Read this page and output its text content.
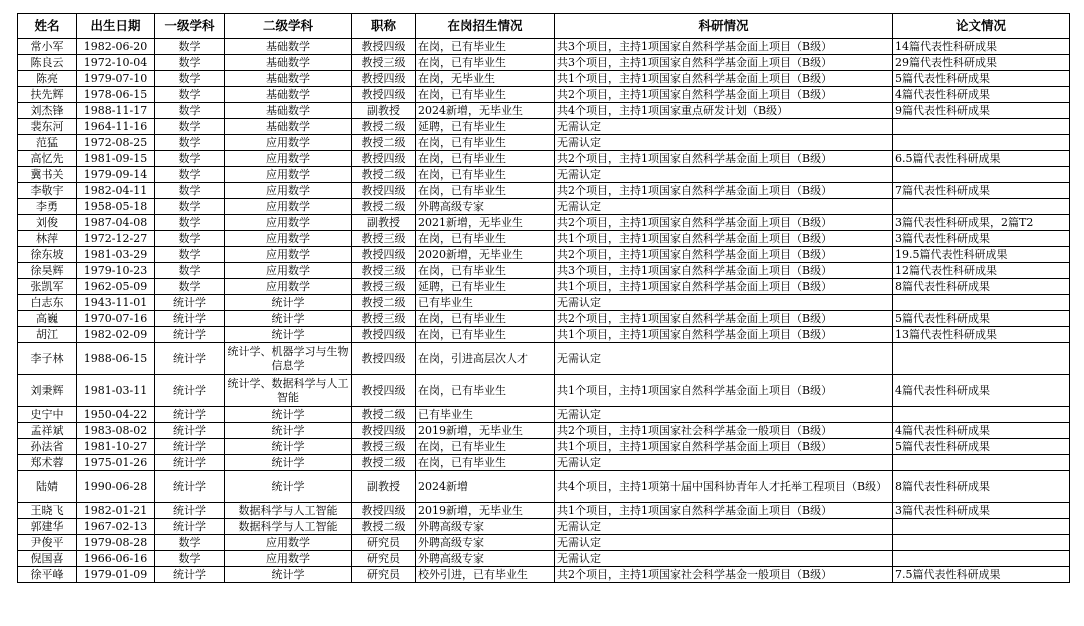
姓名	出生日期	一级学科	二级学科	职称	在岗招生情况	科研情况	论文情况
常小军	1982-06-20	数学	基础数学	教授四级	在岗，已有毕业生	共3个项目，主持1项国家自然科学基金面上项目（B级）	14篇代表性科研成果
陈良云	1972-10-04	数学	基础数学	教授三级	在岗，已有毕业生	共3个项目，主持1项国家自然科学基金面上项目（B级）	29篇代表性科研成果
陈亮	1979-07-10	数学	基础数学	教授四级	在岗，无毕业生	共1个项目，主持1项国家自然科学基金面上项目（B级）	5篇代表性科研成果
扶先辉	1978-06-15	数学	基础数学	教授四级	在岗，已有毕业生	共2个项目，主持1项国家自然科学基金面上项目（B级）	4篇代表性科研成果
刘杰锋	1988-11-17	数学	基础数学	副教授	2024新增，无毕业生	共4个项目，主持1项国家重点研发计划（B级）	9篇代表性科研成果
裴东河	1964-11-16	数学	基础数学	教授二级	延聘，已有毕业生	无需认定	
范猛	1972-08-25	数学	应用数学	教授二级	在岗，已有毕业生	无需认定	
高忆先	1981-09-15	数学	应用数学	教授四级	在岗，已有毕业生	共2个项目，主持1项国家自然科学基金面上项目（B级）	6.5篇代表性科研成果
冀书关	1979-09-14	数学	应用数学	教授二级	在岗，已有毕业生	无需认定	
李敬宇	1982-04-11	数学	应用数学	教授四级	在岗，已有毕业生	共2个项目，主持1项国家自然科学基金面上项目（B级）	7篇代表性科研成果
李勇	1958-05-18	数学	应用数学	教授二级	外聘高级专家	无需认定	
刘俊	1987-04-08	数学	应用数学	副教授	2021新增，无毕业生	共2个项目，主持1项国家自然科学基金面上项目（B级）	3篇代表性科研成果，2篇T2
林萍	1972-12-27	数学	应用数学	教授三级	在岗，已有毕业生	共1个项目，主持1项国家自然科学基金面上项目（B级）	3篇代表性科研成果
徐东坡	1981-03-29	数学	应用数学	教授四级	2020新增，无毕业生	共2个项目，主持1项国家自然科学基金面上项目（B级）	19.5篇代表性科研成果
徐昊辉	1979-10-23	数学	应用数学	教授三级	在岗，已有毕业生	共3个项目，主持1项国家自然科学基金面上项目（B级）	12篇代表性科研成果
张凯军	1962-05-09	数学	应用数学	教授三级	延聘，已有毕业生	共1个项目，主持1项国家自然科学基金面上项目（B级）	8篇代表性科研成果
白志东	1943-11-01	统计学	统计学	教授二级	已有毕业生	无需认定	
高巍	1970-07-16	统计学	统计学	教授三级	在岗，已有毕业生	共2个项目，主持1项国家自然科学基金面上项目（B级）	5篇代表性科研成果
胡江	1982-02-09	统计学	统计学	教授四级	在岗，已有毕业生	共1个项目，主持1项国家自然科学基金面上项目（B级）	13篇代表性科研成果
李子林	1988-06-15	统计学	统计学、机器学习与生物信息学	教授四级	在岗，引进高层次人才	无需认定	
刘秉辉	1981-03-11	统计学	统计学、数据科学与人工智能	教授四级	在岗，已有毕业生	共1个项目，主持1项国家自然科学基金面上项目（B级）	4篇代表性科研成果
史宁中	1950-04-22	统计学	统计学	教授二级	已有毕业生	无需认定	
孟祥斌	1983-08-02	统计学	统计学	教授四级	2019新增，无毕业生	共2个项目，主持1项国家社会科学基金一般项目（B级）	4篇代表性科研成果
孙法省	1981-10-27	统计学	统计学	教授三级	在岗，已有毕业生	共1个项目，主持1项国家自然科学基金面上项目（B级）	5篇代表性科研成果
郑术蓉	1975-01-26	统计学	统计学	教授二级	在岗，已有毕业生	无需认定	
陆婧	1990-06-28	统计学	统计学	副教授	2024新增	共4个项目，主持1项第十届中国科协青年人才托举工程项目（B级）	8篇代表性科研成果
王晓飞	1982-01-21	统计学	数据科学与人工智能	教授四级	2019新增，无毕业生	共1个项目，主持1项国家自然科学基金面上项目（B级）	3篇代表性科研成果
郭建华	1967-02-13	统计学	数据科学与人工智能	教授二级	外聘高级专家	无需认定	
尹俊平	1979-08-28	数学	应用数学	研究员	外聘高级专家	无需认定	
倪国喜	1966-06-16	数学	应用数学	研究员	外聘高级专家	无需认定	
徐平峰	1979-01-09	统计学	统计学	研究员	校外引进，已有毕业生	共2个项目，主持1项国家社会科学基金一般项目（B级）	7.5篇代表性科研成果
